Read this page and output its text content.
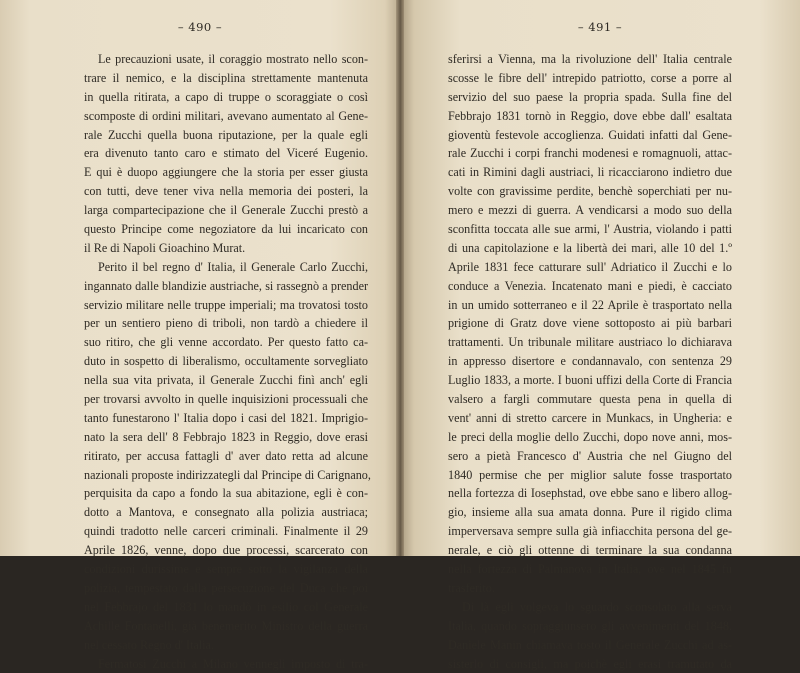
– 490 –
Le precauzioni usate, il coraggio mostrato nello scon-
trare il nemico, e la disciplina strettamente mantenuta
in quella ritirata, a capo di truppe o scoraggiate o così
scomposte di ordini militari, avevano aumentato al Gene-
rale Zucchi quella buona riputazione, per la quale egli
era divenuto tanto caro e stimato del Viceré Eugenio.
E qui è duopo aggiungere che la storia per esser giusta
con tutti, deve tener viva nella memoria dei posteri, la
larga compartecipazione che il Generale Zucchi prestò a
questo Principe come negoziatore da lui incaricato con
il Re di Napoli Gioachino Murat.
Perito il bel regno d' Italia, il Generale Carlo Zucchi,
ingannato dalle blandizie austriache, si rassegnò a prender
servizio militare nelle truppe imperiali; ma trovatosi tosto
per un sentiero pieno di triboli, non tardò a chiedere il
suo ritiro, che gli venne accordato. Per questo fatto ca-
duto in sospetto di liberalismo, occultamente sorvegliato
nella sua vita privata, il Generale Zucchi finì anch' egli
per trovarsi avvolto in quelle inquisizioni processuali che
tanto funestarono l' Italia dopo i casi del 1821. Imprigio-
nato la sera dell' 8 Febbrajo 1823 in Reggio, dove erasi
ritirato, per accusa fattagli d' aver dato retta ad alcune
nazionali proposte indirizzategli dal Principe di Carignano,
perquisita da capo a fondo la sua abitazione, egli è con-
dotto a Mantova, e consegnato alla polizia austriaca;
quindi tradotto nelle carceri criminali. Finalmente il 29
Aprile 1826, venne, dopo due processi, scarcerato con
condizioni durissime e sempre sotto la vigilanza della
polizia, tempestato dalla persecuzione del Duca che poi
nel Febbrajo del 1831 lo mandò in esilio col Generale
Achille Fontanelli, già benemerito Ministro della guerra
nel cessato Regno d' Italia.
Fermatosi Zucchi a Milano vennegli imposto di tra-
– 491 –
sferirsi a Vienna, ma la rivoluzione dell' Italia centrale
scosse le fibre dell' intrepido patriotto, corse a porre al
servizio del suo paese la propria spada. Sulla fine del
Febbrajo 1831 tornò in Reggio, dove ebbe dall' esaltata
gioventù festevole accoglienza. Guidati infatti dal Gene-
rale Zucchi i corpi franchi modenesi e romagnuoli, attac-
cati in Rimini dagli austriaci, li ricacciarono indietro due
volte con gravissime perdite, benchè soperchiati per nu-
mero e mezzi di guerra. A vendicarsi a modo suo della
sconfitta toccata alle sue armi, l' Austria, violando i patti
di una capitolazione e la libertà dei mari, alle 10 del 1.º
Aprile 1831 fece catturare sull' Adriatico il Zucchi e lo
conduce a Venezia. Incatenato mani e piedi, è cacciato
in un umido sotterraneo e il 22 Aprile è trasportato nella
prigione di Gratz dove viene sottoposto ai più barbari
trattamenti. Un tribunale militare austriaco lo dichiarava
in appresso disertore e condannavalo, con sentenza 29
Luglio 1833, a morte. I buoni uffizi della Corte di Francia
valsero a fargli commutare questa pena in quella di
vent' anni di stretto carcere in Munkacs, in Ungheria: e
le preci della moglie dello Zucchi, dopo nove anni, mos-
sero a pietà Francesco d' Austria che nel Giugno del
1840 permise che per miglior salute fosse trasportato
nella fortezza di Iosephstad, ove ebbe sano e libero allog-
gio, insieme alla sua amata donna. Pure il rigido clima
imperversava sempre sulla già infiacchita persona del ge-
nerale, e ciò gli ottenne di terminare la sua condanna
nella fortezza di Palmanova in Italia, ove nel 1845 fu
trasferito.
Di là egli volgeva lo sguardo sconsolato alla serva
Italia, quando sopraggiunsero gli avvenimenti del 1848.
Daniele Manin chiamava tosto il Generale Zucchi ad as-
sisterlo di consigli, ma poichè egli erasi tramutato da
